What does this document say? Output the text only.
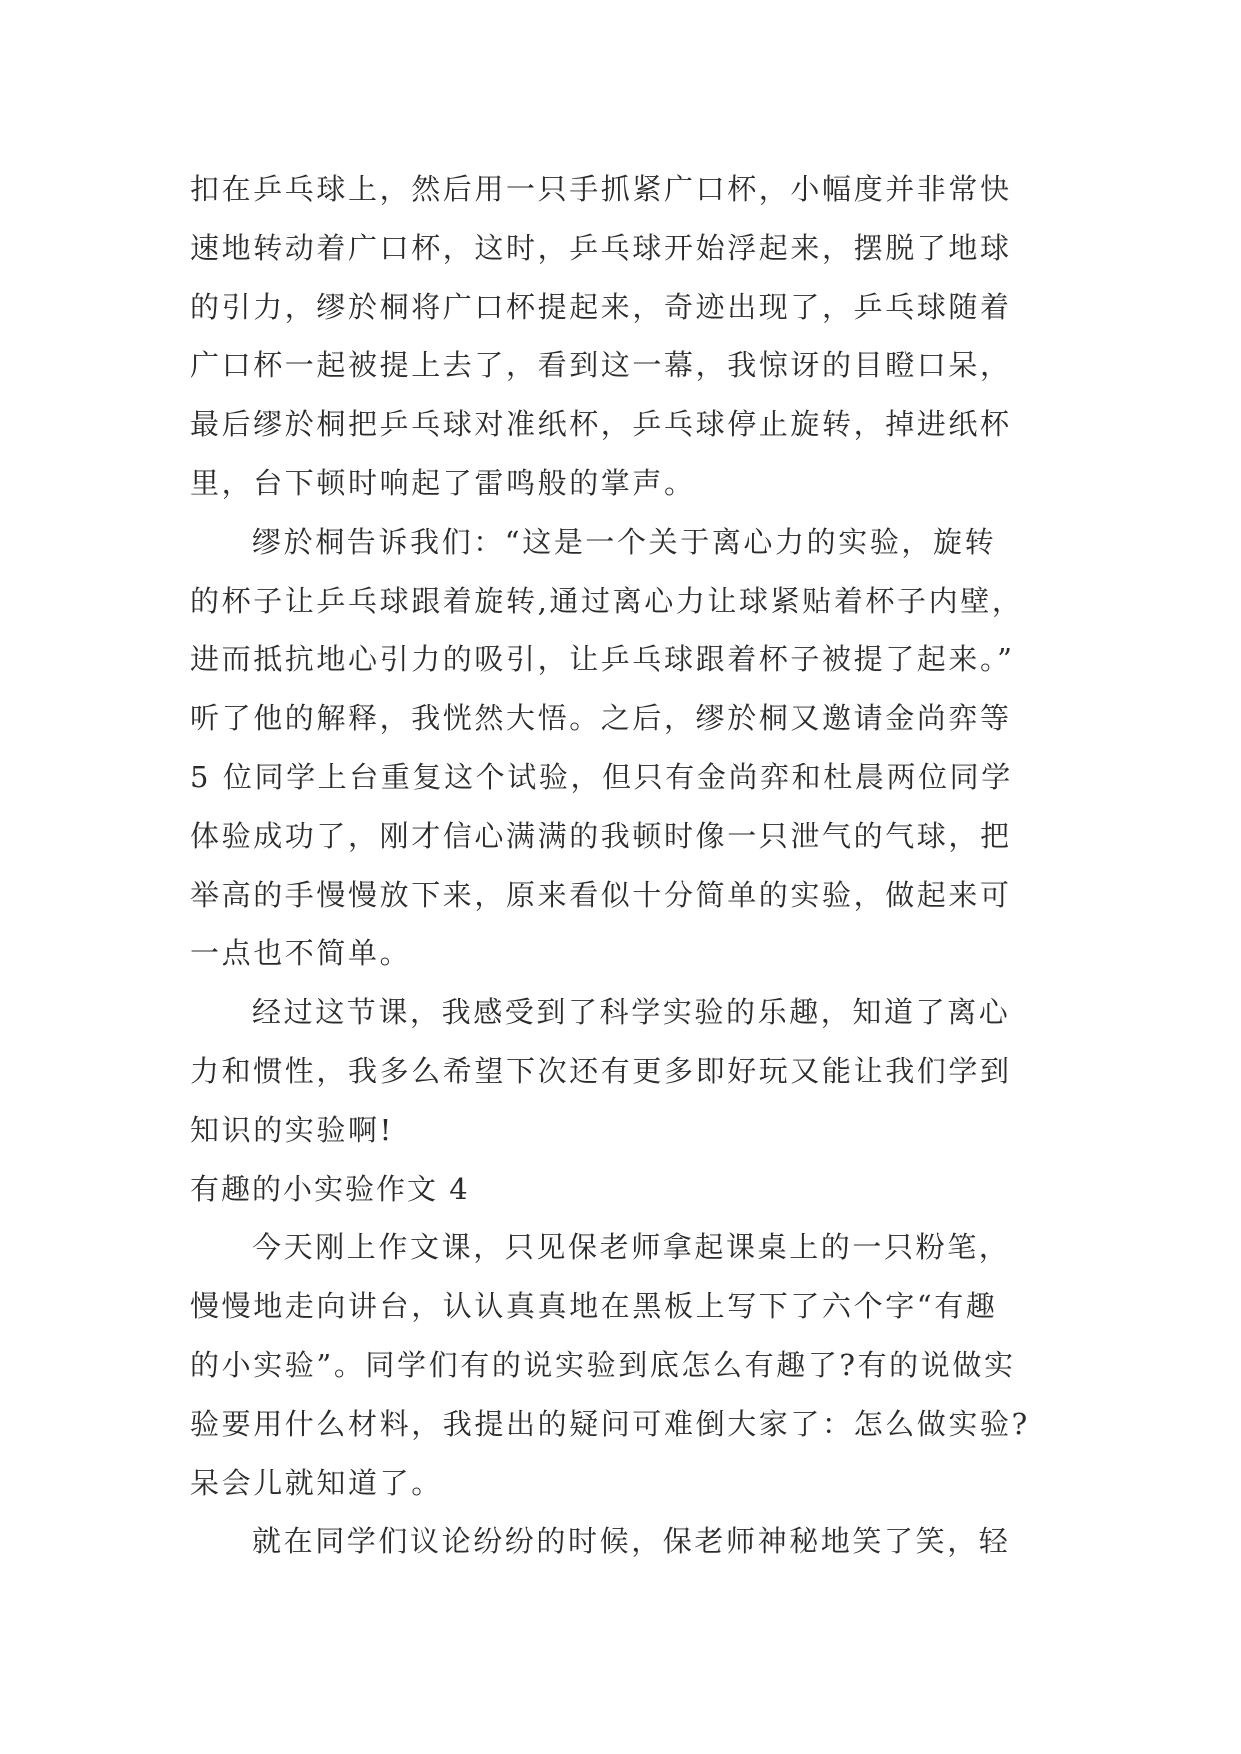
扣在乒乓球上，然后用一只手抓紧广口杯，小幅度并非常快
速地转动着广口杯，这时，乒乓球开始浮起来，摆脱了地球
的引力，缪於桐将广口杯提起来，奇迹出现了，乒乓球随着
广口杯一起被提上去了，看到这一幕，我惊讶的目瞪口呆，
最后缪於桐把乒乓球对准纸杯，乒乓球停止旋转，掉进纸杯
里，台下顿时响起了雷鸣般的掌声。
缪於桐告诉我们：“这是一个关于离心力的实验，旋转
的杯子让乒乓球跟着旋转,通过离心力让球紧贴着杯子内壁，
进而抵抗地心引力的吸引，让乒乓球跟着杯子被提了起来。”
听了他的解释，我恍然大悟。之后，缪於桐又邀请金尚弈等
5 位同学上台重复这个试验，但只有金尚弈和杜晨两位同学
体验成功了，刚才信心满满的我顿时像一只泄气的气球，把
举高的手慢慢放下来，原来看似十分简单的实验，做起来可
一点也不简单。
经过这节课，我感受到了科学实验的乐趣，知道了离心
力和惯性，我多么希望下次还有更多即好玩又能让我们学到
知识的实验啊!
有趣的小实验作文 4
今天刚上作文课，只见保老师拿起课桌上的一只粉笔，
慢慢地走向讲台，认认真真地在黑板上写下了六个字“有趣
的小实验”。同学们有的说实验到底怎么有趣了?有的说做实
验要用什么材料，我提出的疑问可难倒大家了：怎么做实验?
呆会儿就知道了。
就在同学们议论纷纷的时候，保老师神秘地笑了笑，轻
